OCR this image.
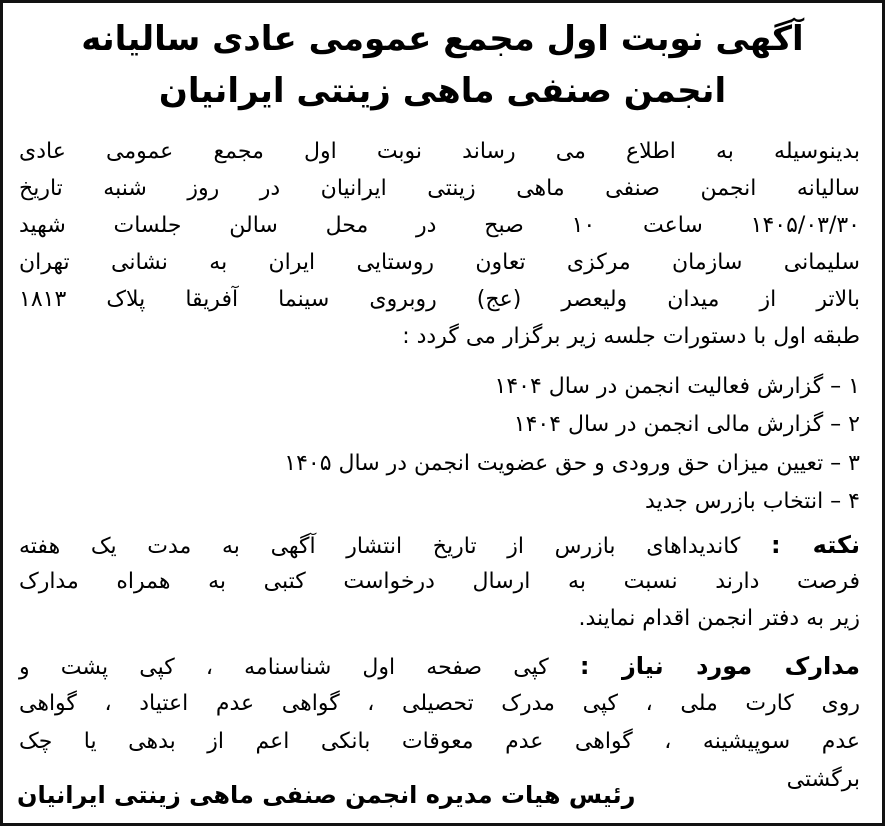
آگهی نوبت اول مجمع عمومی عادی سالیانه
انجمن صنفی ماهی زینتی ایرانیان
بدینوسیله به اطلاع می رساند نوبت اول مجمع عمومی عادی
سالیانه انجمن صنفی ماهی زینتی ایرانیان در روز شنبه تاریخ
۱۴۰۵/۰۳/۳۰ ساعت ۱۰ صبح در محل سالن جلسات شهید
سلیمانی سازمان مرکزی تعاون روستایی ایران به نشانی تهران
بالاتر از میدان ولیعصر (عج) روبروی سینما آفریقا پلاک ۱۸۱۳
طبقه اول با دستورات جلسه زیر برگزار می گردد :
۱ – گزارش فعالیت انجمن در سال ۱۴۰۴
۲ – گزارش مالی انجمن در سال ۱۴۰۴
۳ – تعیین میزان حق ورودی و حق عضویت انجمن در سال ۱۴۰۵
۴ – انتخاب بازرس جدید
نکته : کاندیداهای بازرس از تاریخ انتشار آگهی به مدت یک هفته
فرصت دارند نسبت به ارسال درخواست کتبی به همراه مدارک
زیر به دفتر انجمن اقدام نمایند.
مدارک مورد نیاز : کپی صفحه اول شناسنامه ، کپی پشت و
روی کارت ملی ، کپی مدرک تحصیلی ، گواهی عدم اعتیاد ، گواهی
عدم سوپیشینه ، گواهی عدم معوقات بانکی اعم از بدهی یا چک
برگشتی
رئیس هیات مدیره انجمن صنفی ماهی زینتی ایرانیان
